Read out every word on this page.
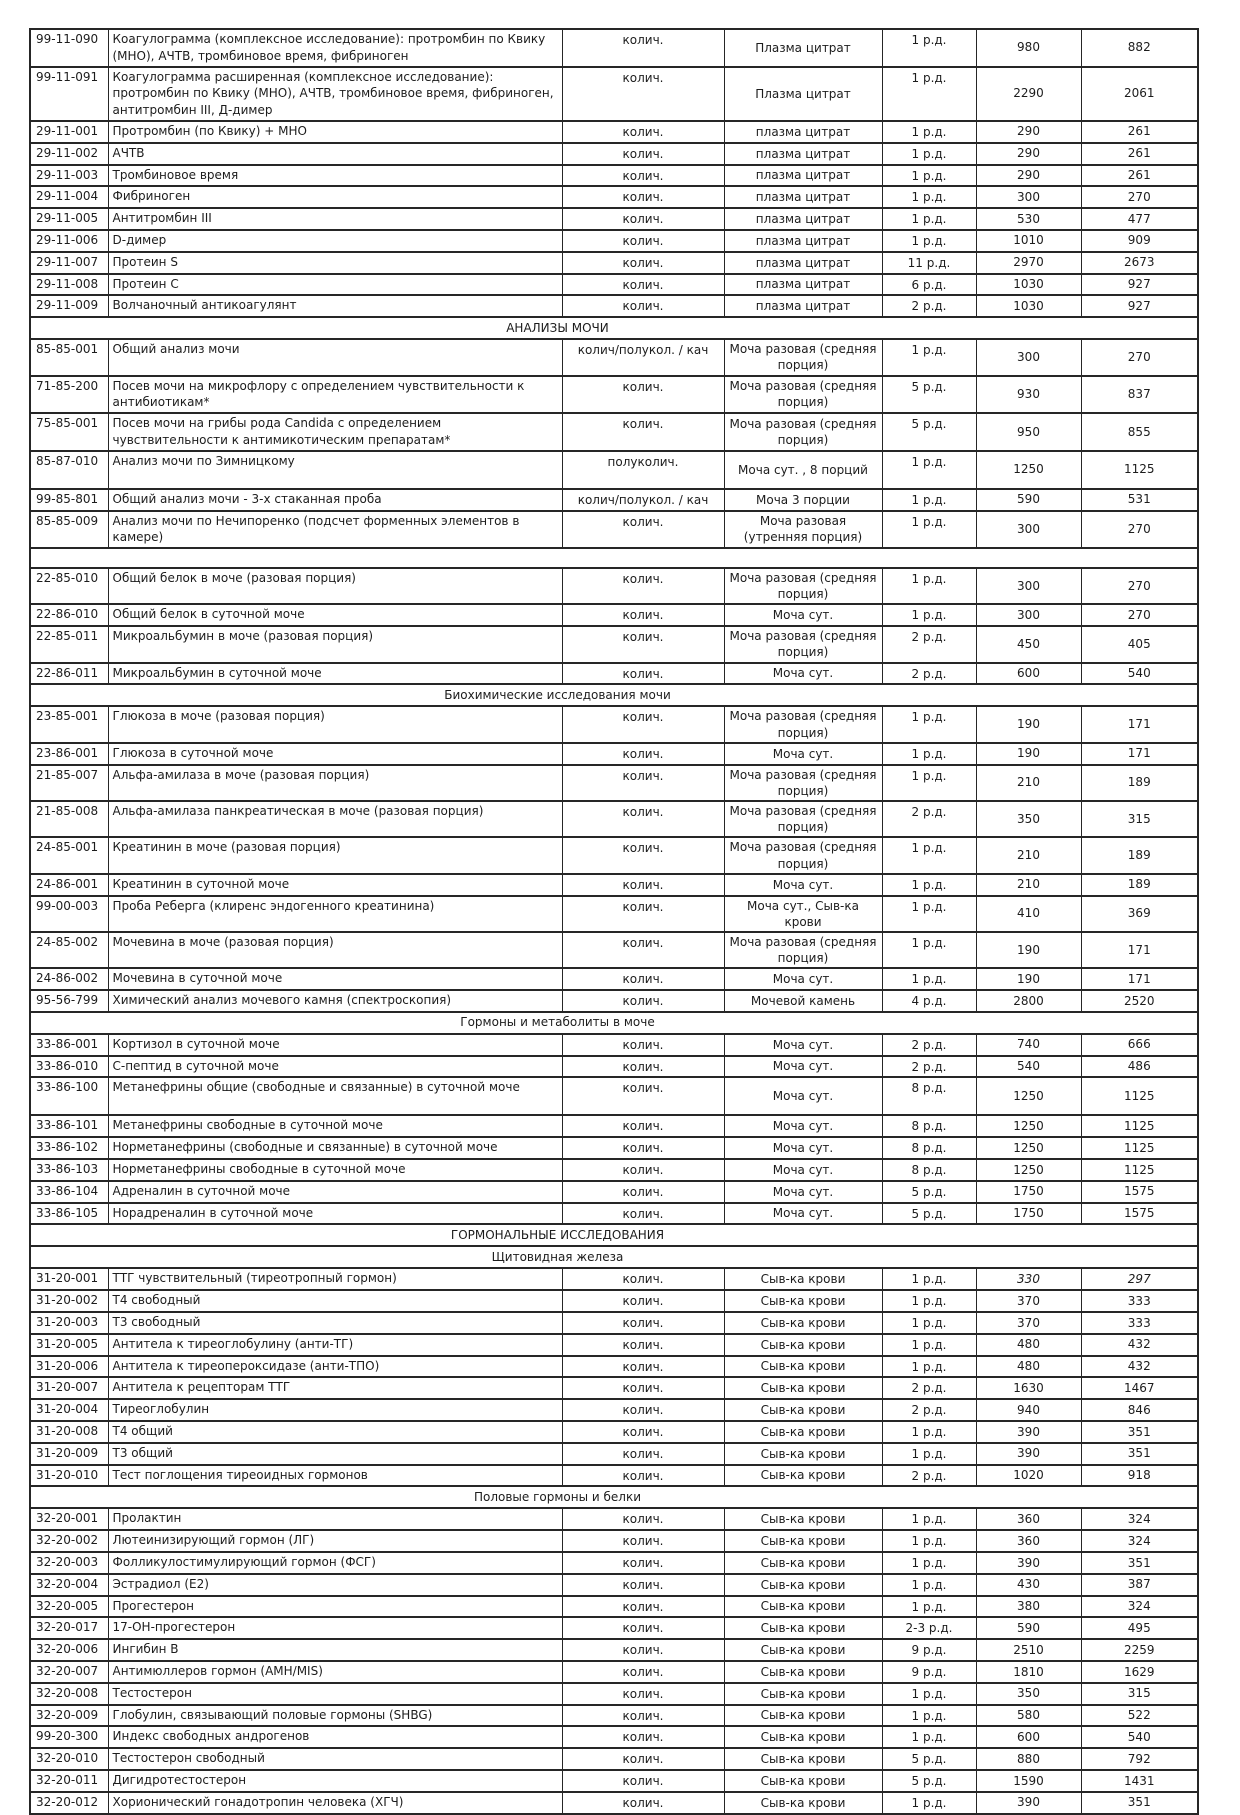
99-11-090	Коагулограмма (комплексное исследование): протромбин по Квику (МНО), АЧТВ, тромбиновое время, фибриноген	колич.	Плазма цитрат	1 р.д.	980	882
99-11-091	Коагулограмма расширенная (комплексное исследование): протромбин по Квику (МНО), АЧТВ, тромбиновое время, фибриноген, антитромбин III, Д-димер	колич.	Плазма цитрат	1 р.д.	2290	2061
29-11-001	Протромбин (по Квику) + МНО	колич.	плазма цитрат	1 р.д.	290	261
29-11-002	АЧТВ	колич.	плазма цитрат	1 р.д.	290	261
29-11-003	Тромбиновое время	колич.	плазма цитрат	1 р.д.	290	261
29-11-004	Фибриноген	колич.	плазма цитрат	1 р.д.	300	270
29-11-005	Антитромбин III	колич.	плазма цитрат	1 р.д.	530	477
29-11-006	D-димер	колич.	плазма цитрат	1 р.д.	1010	909
29-11-007	Протеин S	колич.	плазма цитрат	11 р.д.	2970	2673
29-11-008	Протеин C	колич.	плазма цитрат	6 р.д.	1030	927
29-11-009	Волчаночный антикоагулянт	колич.	плазма цитрат	2 р.д.	1030	927
АНАЛИЗЫ МОЧИ						
85-85-001	Общий анализ мочи	колич/полукол. / кач	Моча разовая (средняя порция)	1 р.д.	300	270
71-85-200	Посев мочи на микрофлору с определением чувствительности к антибиотикам*	колич.	Моча разовая (средняя порция)	5 р.д.	930	837
75-85-001	Посев мочи на грибы рода Candida с определением чувствительности к антимикотическим препаратам*	колич.	Моча разовая (средняя порция)	5 р.д.	950	855
85-87-010	Анализ мочи по Зимницкому	полуколич.	Моча сут. , 8 порций	1 р.д.	1250	1125
99-85-801	Общий анализ мочи - 3-х стаканная проба	колич/полукол. / кач	Моча 3 порции	1 р.д.	590	531
85-85-009	Анализ мочи по Нечипоренко (подсчет форменных элементов в камере)	колич.	Моча разовая (утренняя порция)	1 р.д.	300	270

22-85-010	Общий белок в моче (разовая порция)	колич.	Моча разовая (средняя порция)	1 р.д.	300	270
22-86-010	Общий белок в суточной моче	колич.	Моча сут.	1 р.д.	300	270
22-85-011	Микроальбумин в моче (разовая порция)	колич.	Моча разовая (средняя порция)	2 р.д.	450	405
22-86-011	Микроальбумин в суточной моче	колич.	Моча сут.	2 р.д.	600	540
Биохимические исследования мочи						
23-85-001	Глюкоза в моче (разовая порция)	колич.	Моча разовая (средняя порция)	1 р.д.	190	171
23-86-001	Глюкоза в суточной моче	колич.	Моча сут.	1 р.д.	190	171
21-85-007	Альфа-амилаза в моче (разовая порция)	колич.	Моча разовая (средняя порция)	1 р.д.	210	189
21-85-008	Альфа-амилаза панкреатическая в моче (разовая порция)	колич.	Моча разовая (средняя порция)	2 р.д.	350	315
24-85-001	Креатинин в моче (разовая порция)	колич.	Моча разовая (средняя порция)	1 р.д.	210	189
24-86-001	Креатинин в суточной моче	колич.	Моча сут.	1 р.д.	210	189
99-00-003	Проба Реберга (клиренс эндогенного креатинина)	колич.	Моча сут., Сыв-ка крови	1 р.д.	410	369
24-85-002	Мочевина в моче (разовая порция)	колич.	Моча разовая (средняя порция)	1 р.д.	190	171
24-86-002	Мочевина в суточной моче	колич.	Моча сут.	1 р.д.	190	171
95-56-799	Химический анализ мочевого камня (спектроскопия)	колич.	Мочевой камень	4 р.д.	2800	2520
Гормоны и метаболиты в моче						
33-86-001	Кортизол в суточной моче	колич.	Моча сут.	2 р.д.	740	666
33-86-010	С-пептид в суточной моче	колич.	Моча сут.	2 р.д.	540	486
33-86-100	Метанефрины общие (свободные и связанные) в суточной моче	колич.	Моча сут.	8 р.д.	1250	1125
33-86-101	Метанефрины свободные в суточной моче	колич.	Моча сут.	8 р.д.	1250	1125
33-86-102	Норметанефрины (свободные и связанные) в суточной моче	колич.	Моча сут.	8 р.д.	1250	1125
33-86-103	Норметанефрины свободные в суточной моче	колич.	Моча сут.	8 р.д.	1250	1125
33-86-104	Адреналин в суточной моче	колич.	Моча сут.	5 р.д.	1750	1575
33-86-105	Норадреналин в суточной моче	колич.	Моча сут.	5 р.д.	1750	1575
ГОРМОНАЛЬНЫЕ ИССЛЕДОВАНИЯ						
Щитовидная железа						
31-20-001	ТТГ чувствительный (тиреотропный гормон)	колич.	Сыв-ка крови	1 р.д.	330	297
31-20-002	Т4 свободный	колич.	Сыв-ка крови	1 р.д.	370	333
31-20-003	Т3 свободный	колич.	Сыв-ка крови	1 р.д.	370	333
31-20-005	Антитела к тиреоглобулину (анти-ТГ)	колич.	Сыв-ка крови	1 р.д.	480	432
31-20-006	Антитела к тиреопероксидазе (анти-ТПО)	колич.	Сыв-ка крови	1 р.д.	480	432
31-20-007	Антитела к рецепторам ТТГ	колич.	Сыв-ка крови	2 р.д.	1630	1467
31-20-004	Тиреоглобулин	колич.	Сыв-ка крови	2 р.д.	940	846
31-20-008	Т4 общий	колич.	Сыв-ка крови	1 р.д.	390	351
31-20-009	Т3 общий	колич.	Сыв-ка крови	1 р.д.	390	351
31-20-010	Тест поглощения тиреоидных гормонов	колич.	Сыв-ка крови	2 р.д.	1020	918
Половые гормоны и белки						
32-20-001	Пролактин	колич.	Сыв-ка крови	1 р.д.	360	324
32-20-002	Лютеинизирующий гормон (ЛГ)	колич.	Сыв-ка крови	1 р.д.	360	324
32-20-003	Фолликулостимулирующий гормон (ФСГ)	колич.	Сыв-ка крови	1 р.д.	390	351
32-20-004	Эстрадиол (Е2)	колич.	Сыв-ка крови	1 р.д.	430	387
32-20-005	Прогестерон	колич.	Сыв-ка крови	1 р.д.	380	324
32-20-017	17-ОН-прогестерон	колич.	Сыв-ка крови	2-3 р.д.	590	495
32-20-006	Ингибин В	колич.	Сыв-ка крови	9 р.д.	2510	2259
32-20-007	Антимюллеров гормон (AMH/MIS)	колич.	Сыв-ка крови	9 р.д.	1810	1629
32-20-008	Тестостерон	колич.	Сыв-ка крови	1 р.д.	350	315
32-20-009	Глобулин, связывающий половые гормоны (SHBG)	колич.	Сыв-ка крови	1 р.д.	580	522
99-20-300	Индекс свободных андрогенов	колич.	Сыв-ка крови	1 р.д.	600	540
32-20-010	Тестостерон свободный	колич.	Сыв-ка крови	5 р.д.	880	792
32-20-011	Дигидротестостерон	колич.	Сыв-ка крови	5 р.д.	1590	1431
32-20-012	Хорионический гонадотропин человека (ХГЧ)	колич.	Сыв-ка крови	1 р.д.	390	351
